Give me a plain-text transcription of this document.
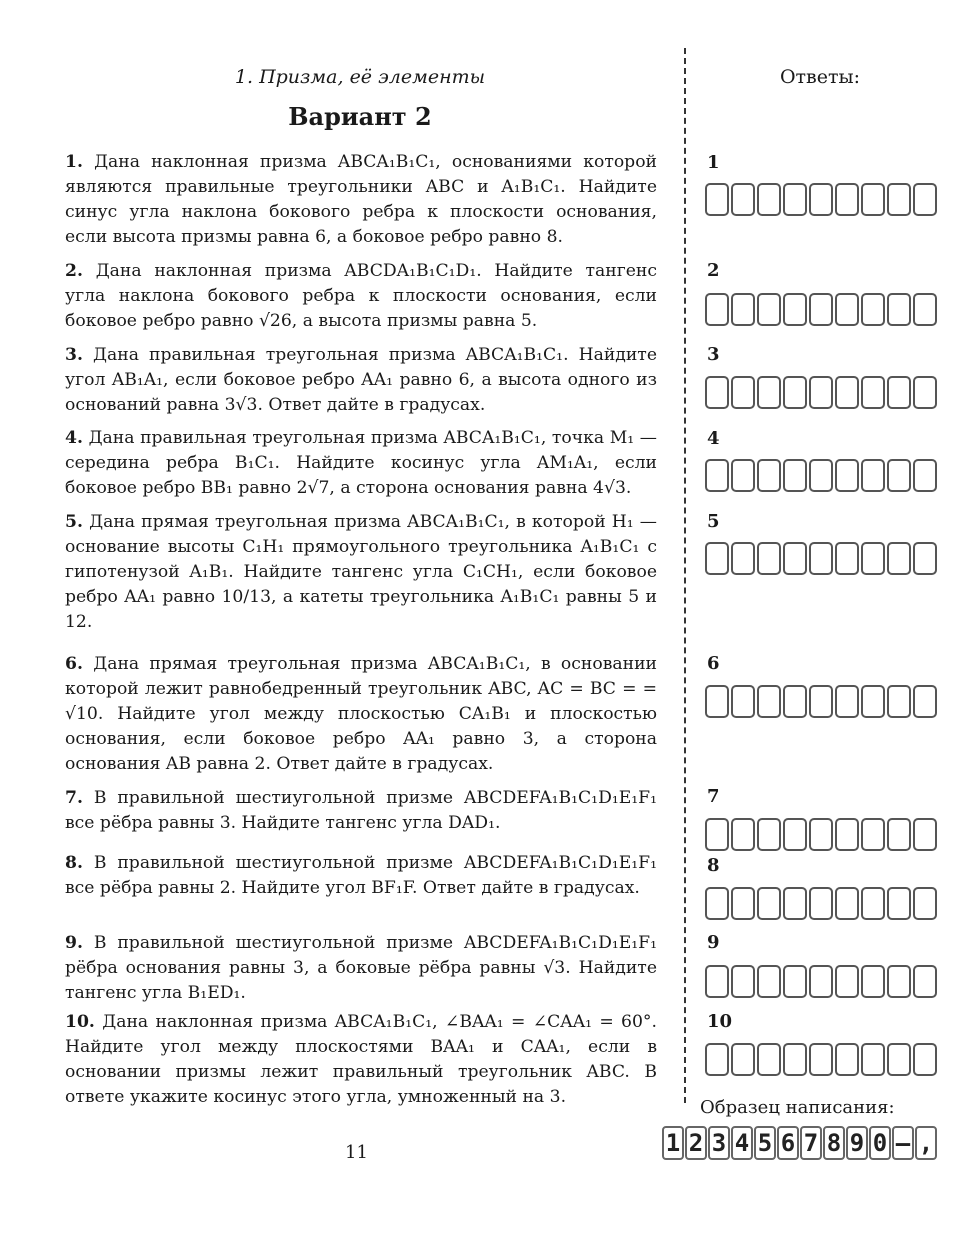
1. Призма, её элементы
Вариант 2
Ответы:
1. Дана наклонная призма ABCA₁B₁C₁, основаниями которой являются правильные треугольники ABC и A₁B₁C₁. Найдите синус угла наклона бокового ребра к плоскости основания, если высота призмы равна 6, а боковое ребро равно 8.
2. Дана наклонная призма ABCDA₁B₁C₁D₁. Найдите тангенс угла наклона бокового ребра к плоскости основания, если боковое ребро равно √26, а высота призмы равна 5.
3. Дана правильная треугольная призма ABCA₁B₁C₁. Найдите угол AB₁A₁, если боковое ребро AA₁ равно 6, а высота одного из оснований равна 3√3. Ответ дайте в градусах.
4. Дана правильная треугольная призма ABCA₁B₁C₁, точка M₁ — середина ребра B₁C₁. Найдите косинус угла AM₁A₁, если боковое ребро BB₁ равно 2√7, а сторона основания равна 4√3.
5. Дана прямая треугольная призма ABCA₁B₁C₁, в которой H₁ — основание высоты C₁H₁ прямоугольного треугольника A₁B₁C₁ с гипотенузой A₁B₁. Найдите тангенс угла C₁CH₁, если боковое ребро AA₁ равно 10/13, а катеты треугольника A₁B₁C₁ равны 5 и 12.
6. Дана прямая треугольная призма ABCA₁B₁C₁, в основании которой лежит равнобедренный треугольник ABC, AC = BC = = √10. Найдите угол между плоскостью CA₁B₁ и плоскостью основания, если боковое ребро AA₁ равно 3, а сторона основания AB равна 2. Ответ дайте в градусах.
7. В правильной шестиугольной призме ABCDEFA₁B₁C₁D₁E₁F₁ все рёбра равны 3. Найдите тангенс угла DAD₁.
8. В правильной шестиугольной призме ABCDEFA₁B₁C₁D₁E₁F₁ все рёбра равны 2. Найдите угол BF₁F. Ответ дайте в градусах.
9. В правильной шестиугольной призме ABCDEFA₁B₁C₁D₁E₁F₁ рёбра основания равны 3, а боковые рёбра равны √3. Найдите тангенс угла B₁ED₁.
10. Дана наклонная призма ABCA₁B₁C₁, ∠BAA₁ = ∠CAA₁ = 60°. Найдите угол между плоскостями BAA₁ и CAA₁, если в основании призмы лежит правильный треугольник ABC. В ответе укажите косинус этого угла, умноженный на 3.
1
2
3
4
5
6
7
8
9
10
Образец написания:
1 2 3 4 5 6 7 8 9 0 – ,
11
